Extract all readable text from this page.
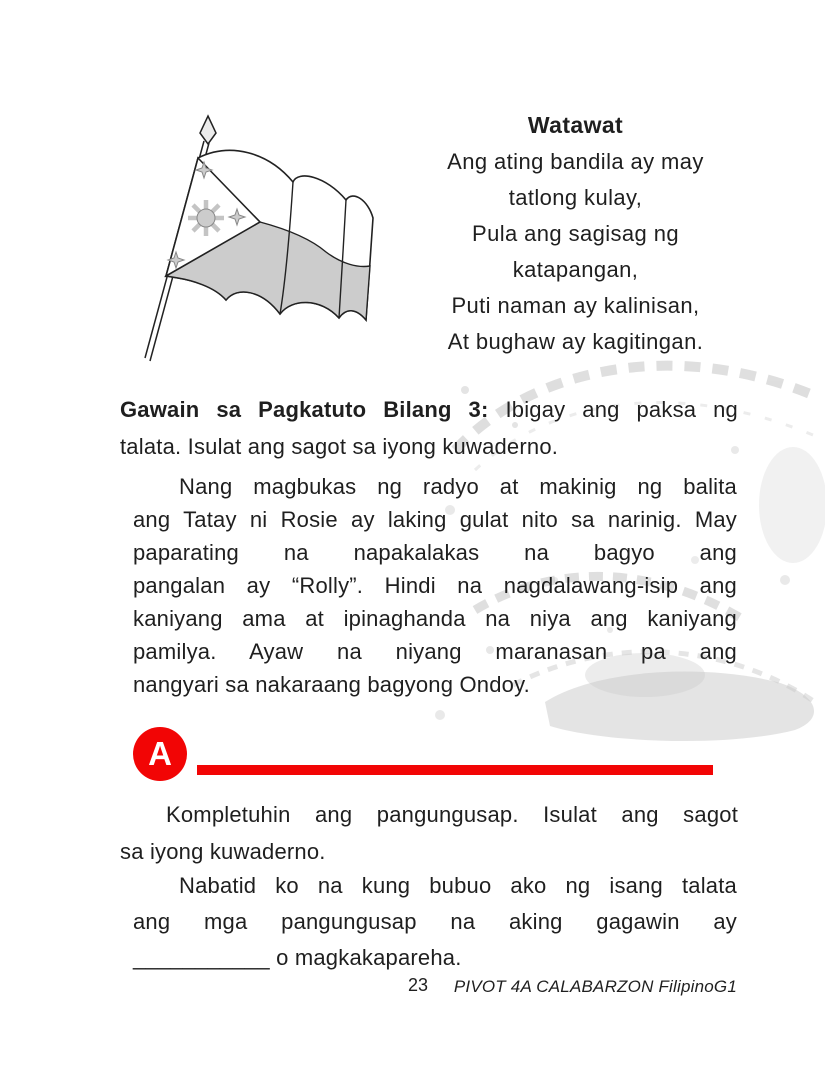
Watawat
Ang ating bandila ay may
tatlong kulay,
Pula ang sagisag ng
katapangan,
Puti naman ay kalinisan,
At bughaw ay kagitingan.
Gawain sa Pagkatuto Bilang 3: Ibigay ang paksa ng
talata. Isulat ang sagot sa iyong kuwaderno.
Nang magbukas ng radyo at makinig ng balita
ang Tatay ni Rosie ay laking gulat nito sa narinig. May
paparating na napakalakas na bagyo ang
pangalan ay “Rolly”. Hindi na nagdalawang-isip ang
kaniyang ama at ipinaghanda na niya ang kaniyang
pamilya. Ayaw na niyang maranasan pa ang
nangyari sa nakaraang bagyong Ondoy.
A
Kompletuhin ang pangungusap. Isulat ang sagot
sa iyong kuwaderno.
Nabatid ko na kung bubuo ako ng isang talata
ang mga pangungusap na aking gagawin ay
___________ o magkakapareha.
23	PIVOT 4A CALABARZON FilipinoG1
